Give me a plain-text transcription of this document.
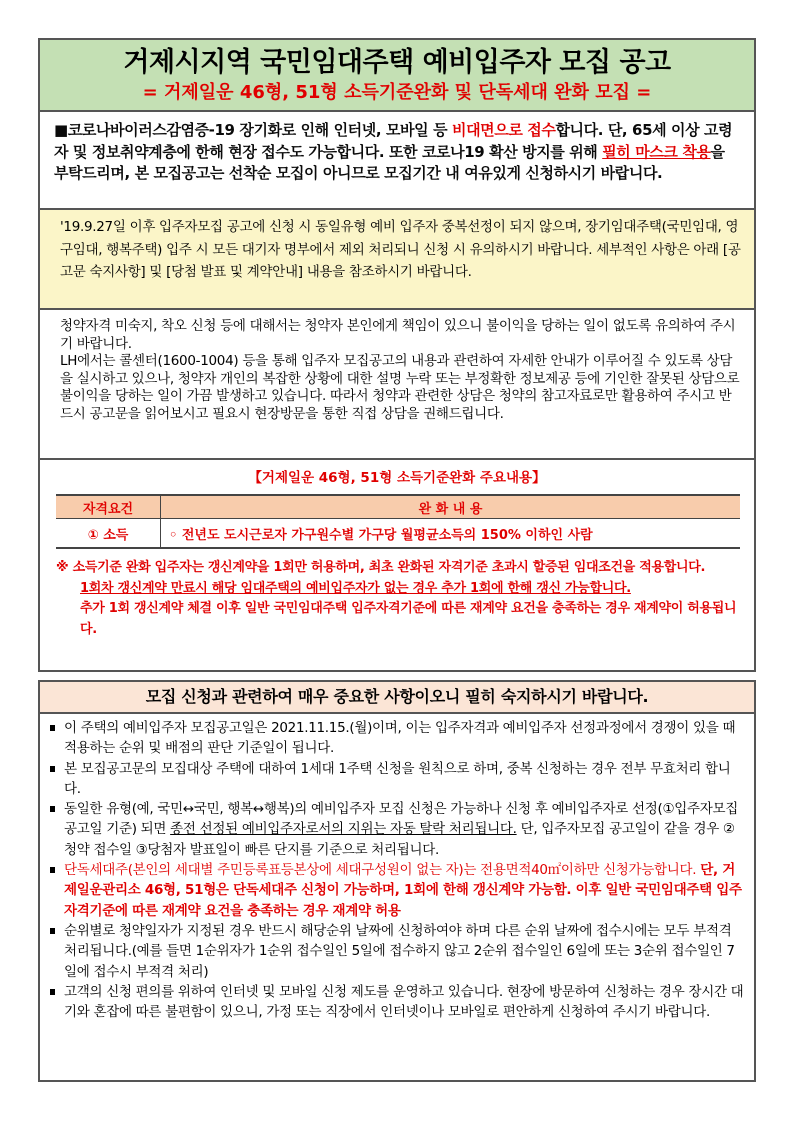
거제시지역 국민임대주택 예비입주자 모집 공고
= 거제일운 46형, 51형 소득기준완화 및 단독세대 완화 모집 =
■코로나바이러스감염증-19 장기화로 인해 인터넷, 모바일 등 비대면으로 접수합니다. 단, 65세 이상 고령자 및 정보취약계층에 한해 현장 접수도 가능합니다. 또한 코로나19 확산 방지를 위해 필히 마스크 착용을 부탁드리며, 본 모집공고는 선착순 모집이 아니므로 모집기간 내 여유있게 신청하시기 바랍니다.
'19.9.27일 이후 입주자모집 공고에 신청 시 동일유형 예비 입주자 중복선정이 되지 않으며, 장기임대주택(국민임대, 영구임대, 행복주택) 입주 시 모든 대기자 명부에서 제외 처리되니 신청 시 유의하시기 바랍니다. 세부적인 사항은 아래 [공고문 숙지사항] 및 [당첨 발표 및 계약안내] 내용을 참조하시기 바랍니다.

청약자격 미숙지, 착오 신청 등에 대해서는 청약자 본인에게 책임이 있으니 불이익을 당하는 일이 없도록 유의하여 주시기 바랍니다.

LH에서는 콜센터(1600-1004) 등을 통해 입주자 모집공고의 내용과 관련하여 자세한 안내가 이루어질 수 있도록 상담을 실시하고 있으나, 청약자 개인의 복잡한 상황에 대한 설명 누락 또는 부정확한 정보제공 등에 기인한 잘못된 상담으로 불이익을 당하는 일이 가끔 발생하고 있습니다. 따라서 청약과 관련한 상담은 청약의 참고자료로만 활용하여 주시고 반드시 공고문을 읽어보시고 필요시 현장방문을 통한 직접 상담을 권해드립니다.

【거제일운 46형, 51형 소득기준완화 주요내용】
자격요건	완 화 내 용
① 소득	◦ 전년도 도시근로자 가구원수별 가구당 월평균소득의 150% 이하인 사람
※ 소득기준 완화 입주자는 갱신계약을 1회만 허용하며, 최초 완화된 자격기준 초과시 할증된 임대조건을 적용합니다.
1회차 갱신계약 만료시 해당 임대주택의 예비입주자가 없는 경우 추가 1회에 한해 갱신 가능합니다.
추가 1회 갱신계약 체결 이후 일반 국민임대주택 입주자격기준에 따른 재계약 요건을 충족하는 경우 재계약이 허용됩니다.
모집 신청과 관련하여 매우 중요한 사항이오니 필히 숙지하시기 바랍니다.
이 주택의 예비입주자 모집공고일은 2021.11.15.(월)이며, 이는 입주자격과 예비입주자 선정과정에서 경쟁이 있을 때 적용하는 순위 및 배점의 판단 기준일이 됩니다.
본 모집공고문의 모집대상 주택에 대하여 1세대 1주택 신청을 원칙으로 하며, 중복 신청하는 경우 전부 무효처리 합니다.
동일한 유형(예, 국민↔국민, 행복↔행복)의 예비입주자 모집 신청은 가능하나 신청 후 예비입주자로 선정(①입주자모집 공고일 기준) 되면 종전 선정된 예비입주자로서의 지위는 자동 탈락 처리됩니다. 단, 입주자모집 공고일이 같을 경우 ②청약 접수일 ③당첨자 발표일이 빠른 단지를 기준으로 처리됩니다.
단독세대주(본인의 세대별 주민등록표등본상에 세대구성원이 없는 자)는 전용면적40㎡이하만 신청가능합니다. 단, 거제일운관리소 46형, 51형은 단독세대주 신청이 가능하며, 1회에 한해 갱신계약 가능함. 이후 일반 국민임대주택 입주자격기준에 따른 재계약 요건을 충족하는 경우 재계약 허용
순위별로 청약일자가 지정된 경우 반드시 해당순위 날짜에 신청하여야 하며 다른 순위 날짜에 접수시에는 모두 부적격 처리됩니다.(예를 들면 1순위자가 1순위 접수일인 5일에 접수하지 않고 2순위 접수일인 6일에 또는 3순위 접수일인 7일에 접수시 부적격 처리)
고객의 신청 편의를 위하여 인터넷 및 모바일 신청 제도를 운영하고 있습니다. 현장에 방문하여 신청하는 경우 장시간 대기와 혼잡에 따른 불편함이 있으니, 가정 또는 직장에서 인터넷이나 모바일로 편안하게 신청하여 주시기 바랍니다.
